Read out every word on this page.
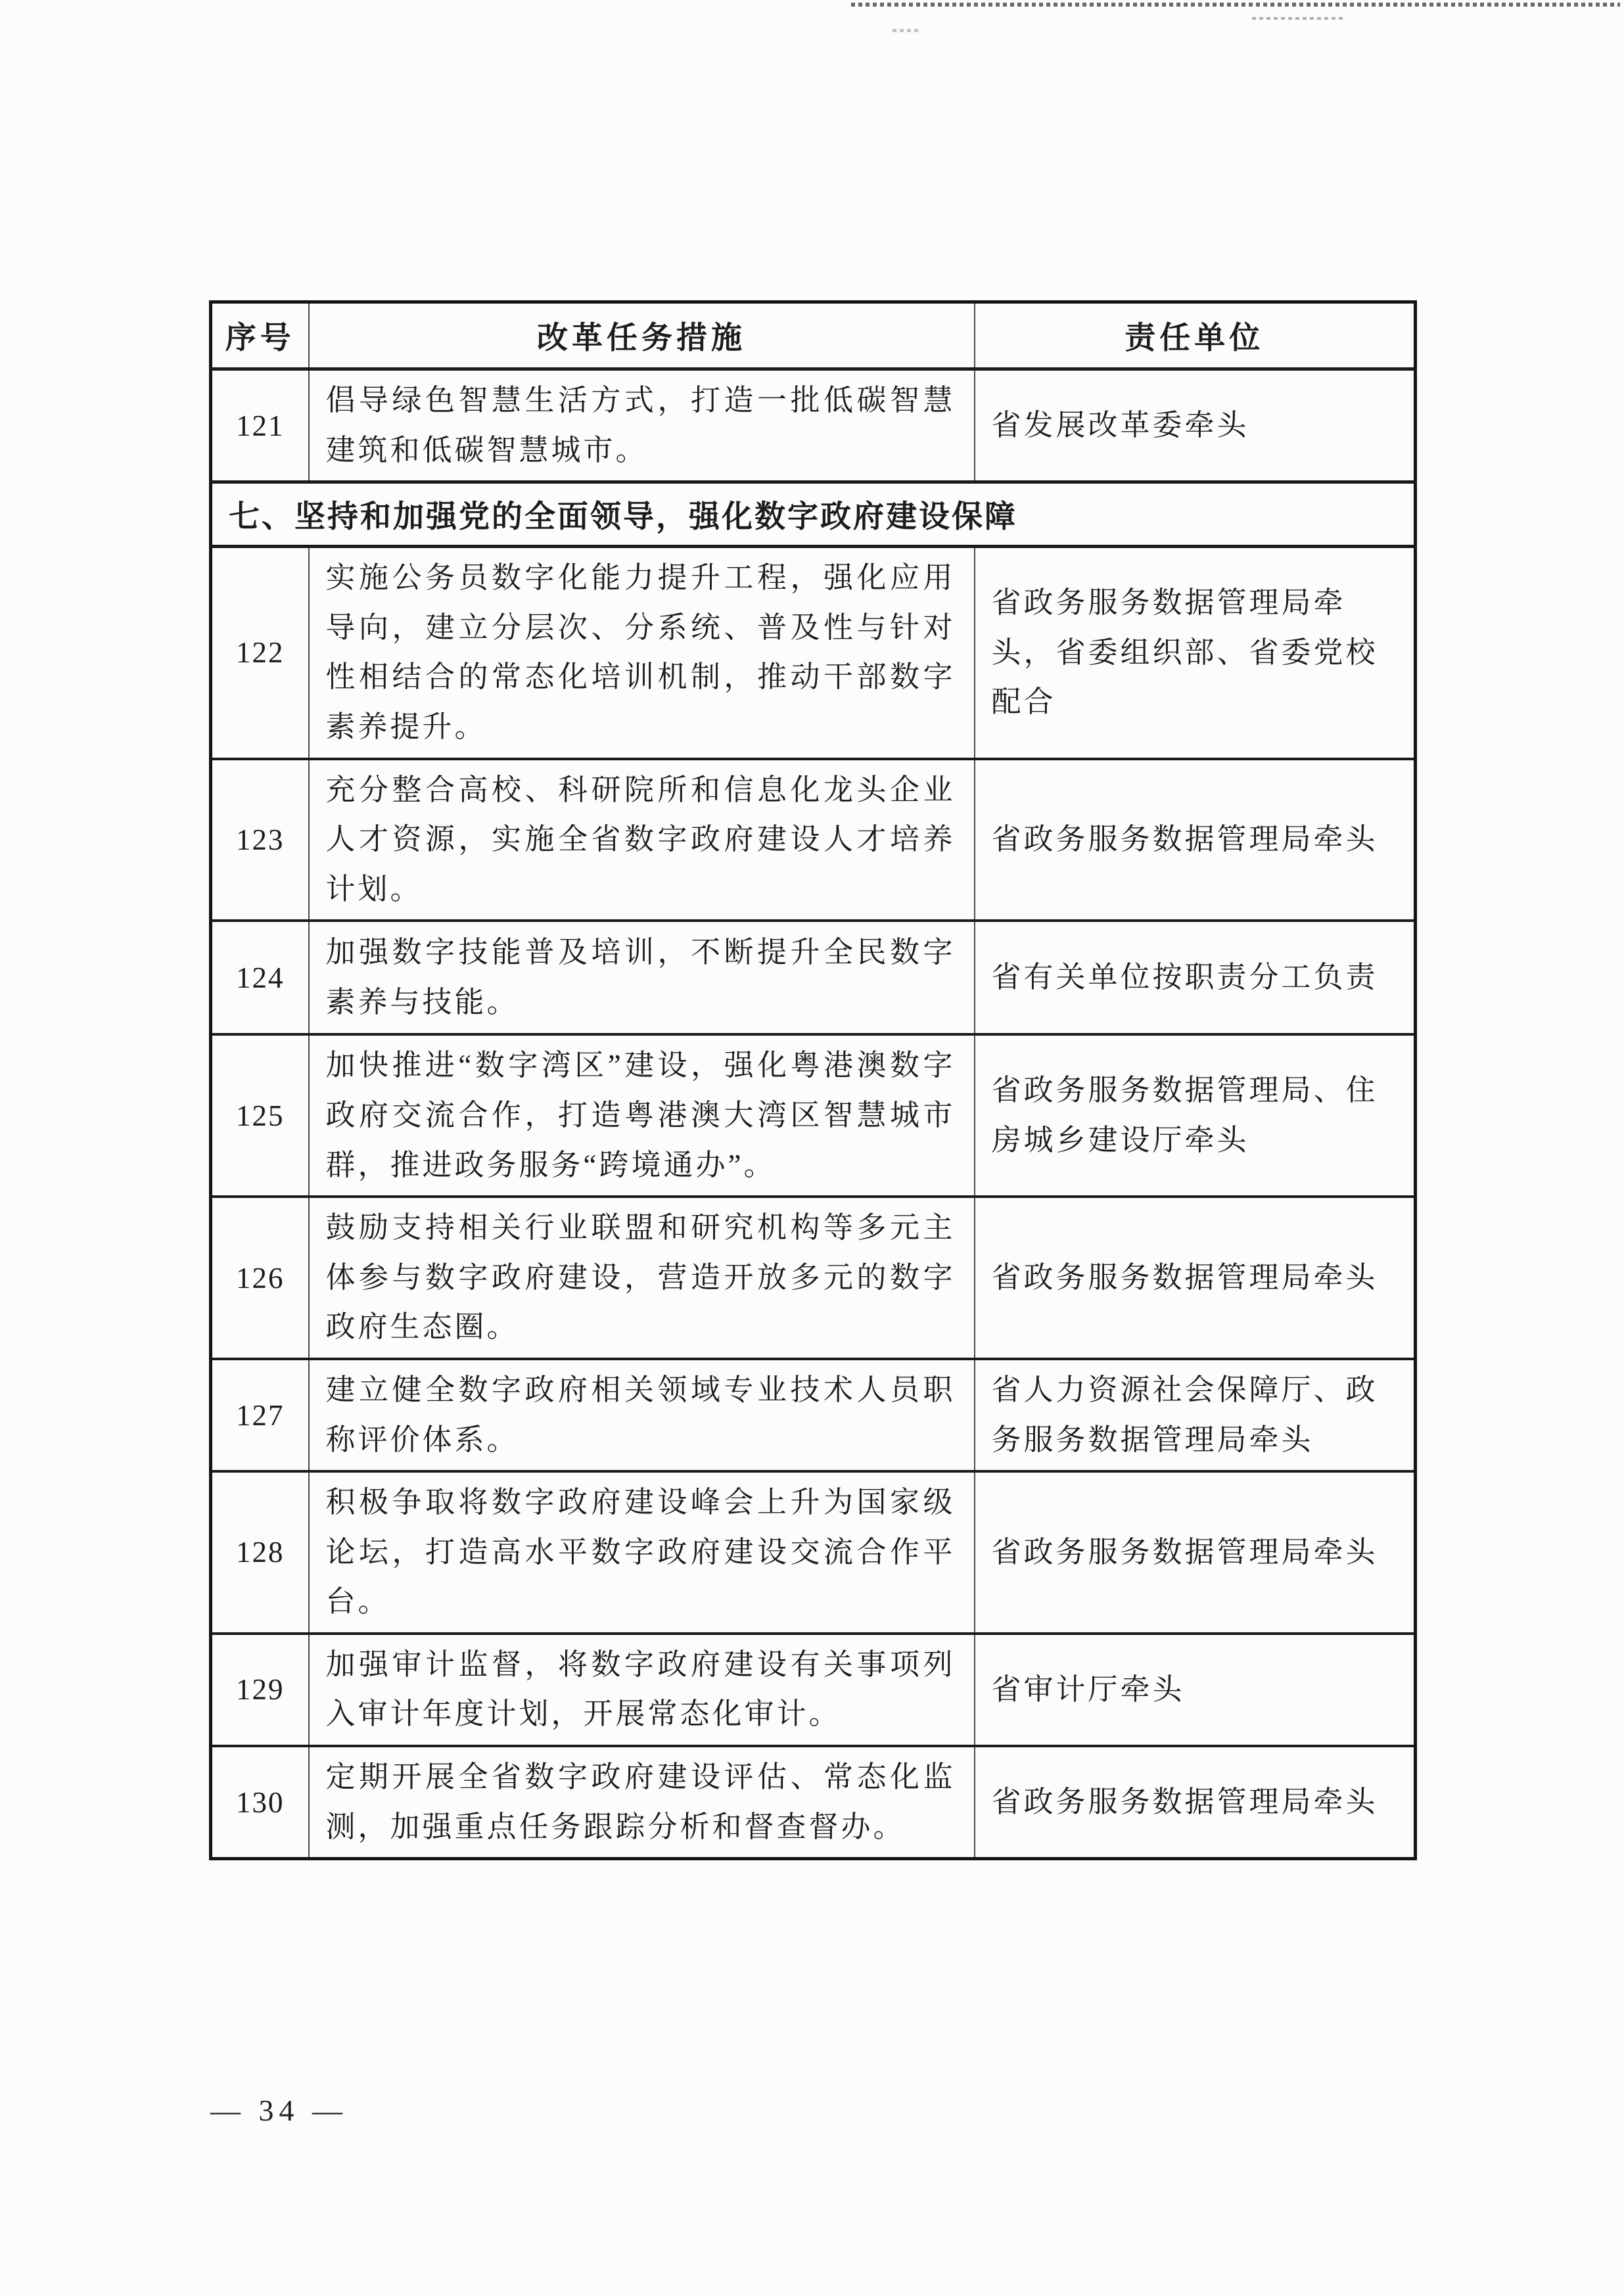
序号	改革任务措施	责任单位
121	倡导绿色智慧生活方式，打造一批低碳智慧建筑和低碳智慧城市。	省发展改革委牵头
七、坚持和加强党的全面领导，强化数字政府建设保障		
122	实施公务员数字化能力提升工程，强化应用导向，建立分层次、分系统、普及性与针对性相结合的常态化培训机制，推动干部数字素养提升。	省政务服务数据管理局牵头，省委组织部、省委党校配合
123	充分整合高校、科研院所和信息化龙头企业人才资源，实施全省数字政府建设人才培养计划。	省政务服务数据管理局牵头
124	加强数字技能普及培训，不断提升全民数字素养与技能。	省有关单位按职责分工负责
125	加快推进“数字湾区”建设，强化粤港澳数字政府交流合作，打造粤港澳大湾区智慧城市群，推进政务服务“跨境通办”。	省政务服务数据管理局、住房城乡建设厅牵头
126	鼓励支持相关行业联盟和研究机构等多元主体参与数字政府建设，营造开放多元的数字政府生态圈。	省政务服务数据管理局牵头
127	建立健全数字政府相关领域专业技术人员职称评价体系。	省人力资源社会保障厅、政务服务数据管理局牵头
128	积极争取将数字政府建设峰会上升为国家级论坛，打造高水平数字政府建设交流合作平台。	省政务服务数据管理局牵头
129	加强审计监督，将数字政府建设有关事项列入审计年度计划，开展常态化审计。	省审计厅牵头
130	定期开展全省数字政府建设评估、常态化监测，加强重点任务跟踪分析和督查督办。	省政务服务数据管理局牵头
— 34 —
